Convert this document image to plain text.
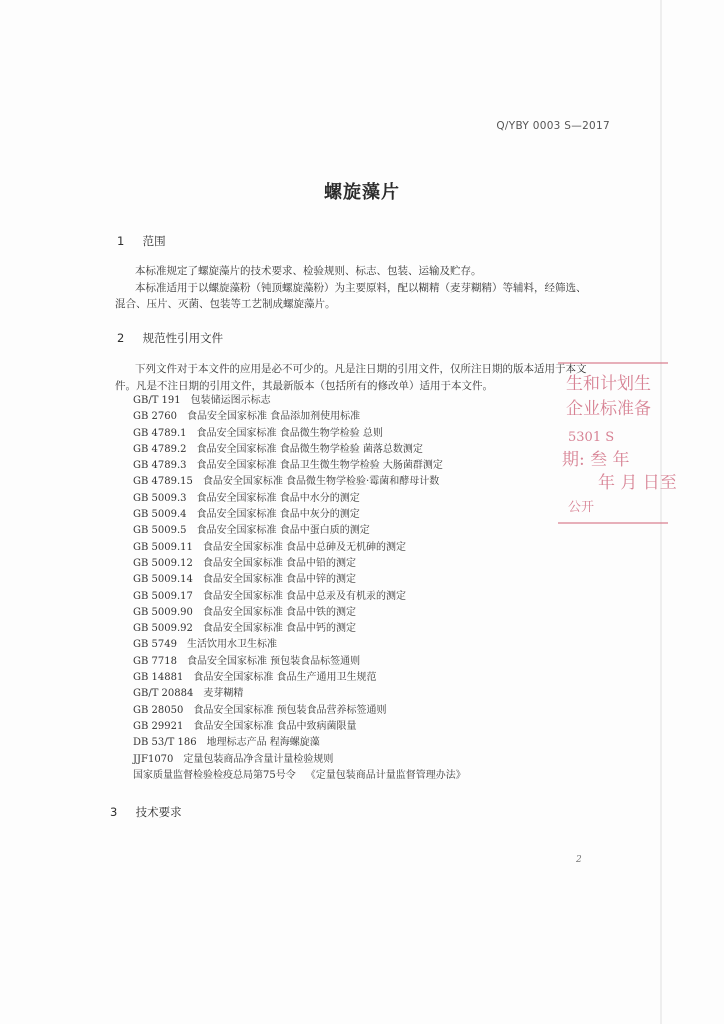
Q/YBY 0003 S—2017
螺旋藻片
1 范围

本标准规定了螺旋藻片的技术要求、检验规则、标志、包装、运输及贮存。

本标准适用于以螺旋藻粉（钝顶螺旋藻粉）为主要原料，配以糊精（麦芽糊精）等辅料，经筛选、

混合、压片、灭菌、包装等工艺制成螺旋藻片。

2 规范性引用文件

下列文件对于本文件的应用是必不可少的。凡是注日期的引用文件，仅所注日期的版本适用于本文

件。凡是不注日期的引用文件，其最新版本（包括所有的修改单）适用于本文件。

GB/T 191 包装储运图示标志
GB 2760 食品安全国家标准 食品添加剂使用标准
GB 4789.1 食品安全国家标准 食品微生物学检验 总则
GB 4789.2 食品安全国家标准 食品微生物学检验 菌落总数测定
GB 4789.3 食品安全国家标准 食品卫生微生物学检验 大肠菌群测定
GB 4789.15 食品安全国家标准 食品微生物学检验·霉菌和酵母计数
GB 5009.3 食品安全国家标准 食品中水分的测定
GB 5009.4 食品安全国家标准 食品中灰分的测定
GB 5009.5 食品安全国家标准 食品中蛋白质的测定
GB 5009.11 食品安全国家标准 食品中总砷及无机砷的测定
GB 5009.12 食品安全国家标准 食品中铅的测定
GB 5009.14 食品安全国家标准 食品中锌的测定
GB 5009.17 食品安全国家标准 食品中总汞及有机汞的测定
GB 5009.90 食品安全国家标准 食品中铁的测定
GB 5009.92 食品安全国家标准 食品中钙的测定
GB 5749 生活饮用水卫生标准
GB 7718 食品安全国家标准 预包装食品标签通则
GB 14881 食品安全国家标准 食品生产通用卫生规范
GB/T 20884 麦芽糊精
GB 28050 食品安全国家标准 预包装食品营养标签通则
GB 29921 食品安全国家标准 食品中致病菌限量
DB 53/T 186 地理标志产品 程海螺旋藻
JJF1070 定量包装商品净含量计量检验规则
国家质量监督检验检疫总局第75号令 《定量包装商品计量监督管理办法》
3 技术要求
生和计划生
企业标准备
5301 S
期: 叁 年
年 月 日至
公开
2
